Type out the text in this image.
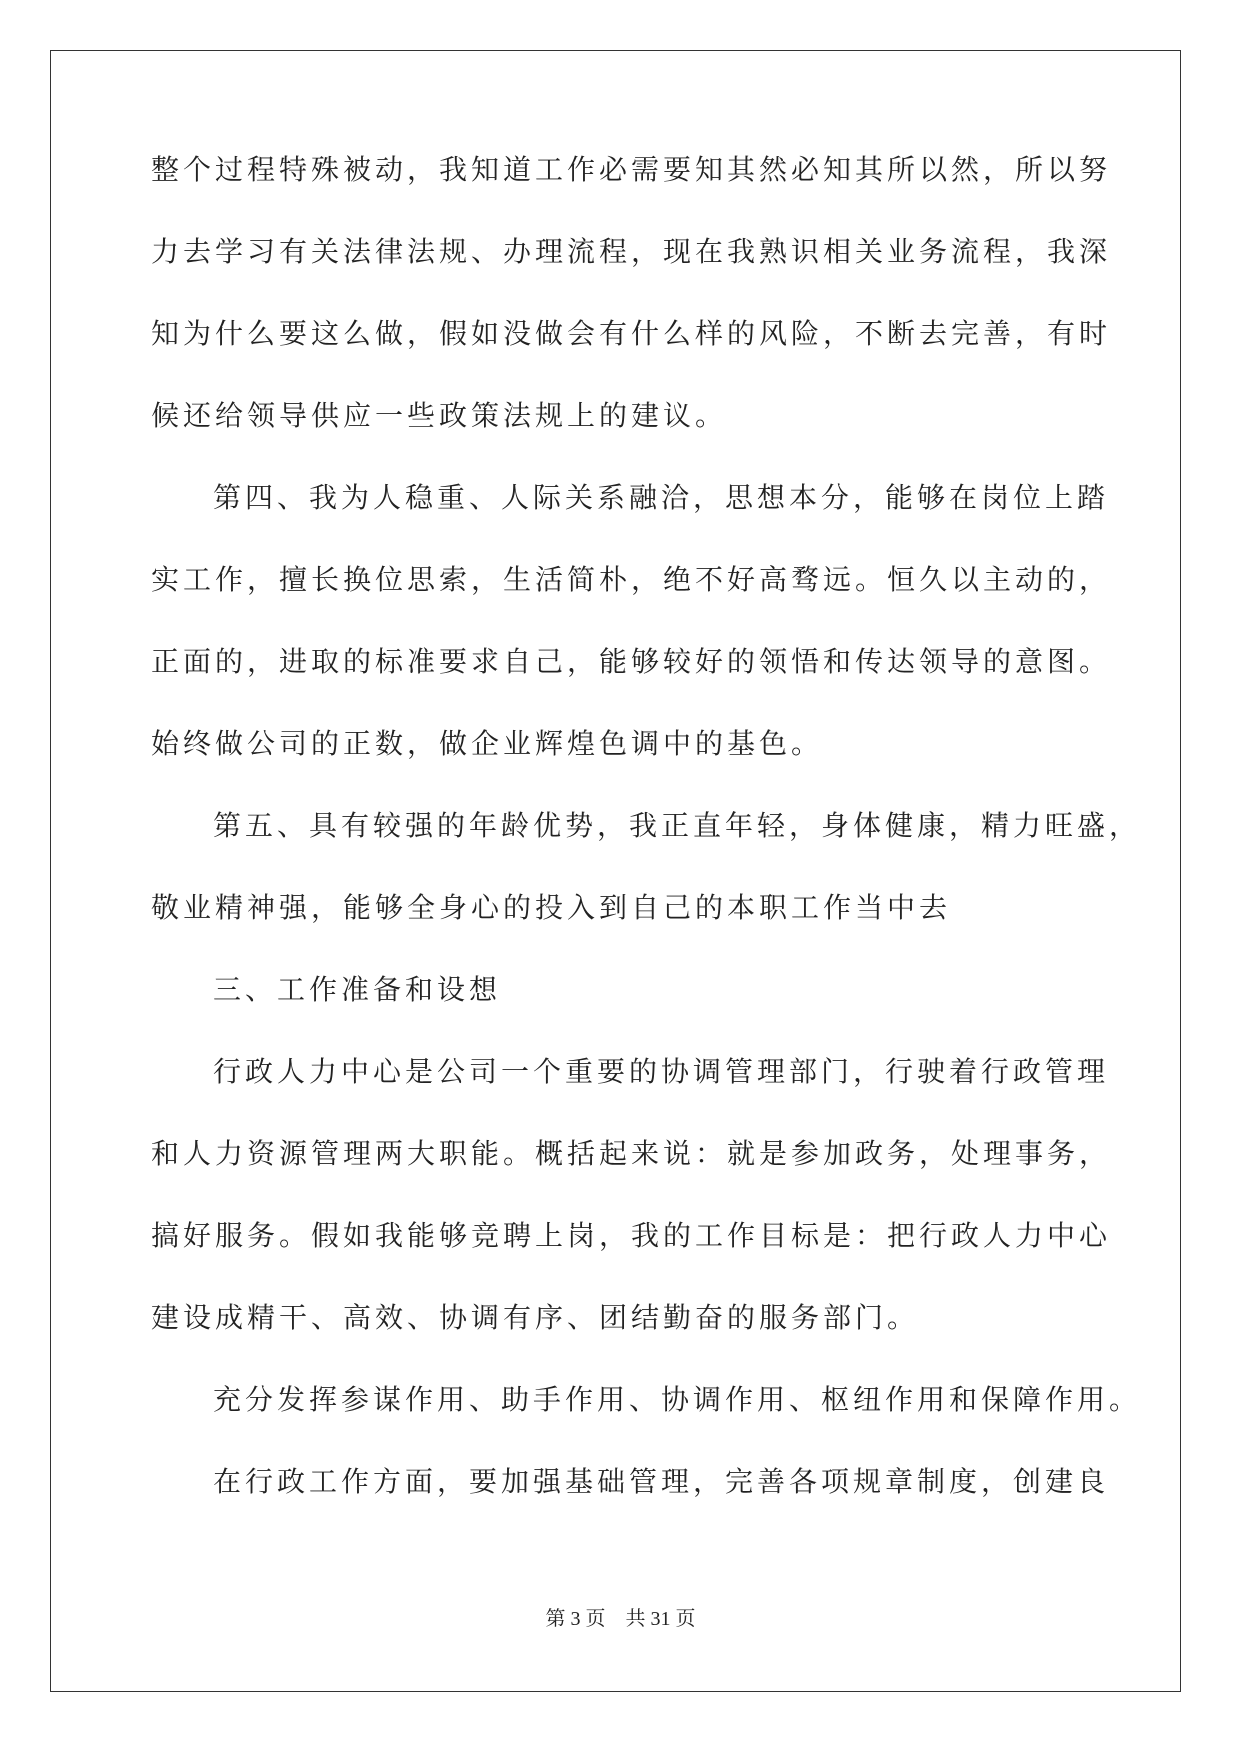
整个过程特殊被动，我知道工作必需要知其然必知其所以然，所以努

力去学习有关法律法规、办理流程，现在我熟识相关业务流程，我深

知为什么要这么做，假如没做会有什么样的风险，不断去完善，有时

候还给领导供应一些政策法规上的建议。

第四、我为人稳重、人际关系融洽，思想本分，能够在岗位上踏

实工作，擅长换位思索，生活简朴，绝不好高骛远。恒久以主动的，

正面的，进取的标准要求自己，能够较好的领悟和传达领导的意图。

始终做公司的正数，做企业辉煌色调中的基色。

第五、具有较强的年龄优势，我正直年轻，身体健康，精力旺盛，

敬业精神强，能够全身心的投入到自己的本职工作当中去

三、工作准备和设想

行政人力中心是公司一个重要的协调管理部门，行驶着行政管理

和人力资源管理两大职能。概括起来说：就是参加政务，处理事务，

搞好服务。假如我能够竞聘上岗，我的工作目标是：把行政人力中心

建设成精干、高效、协调有序、团结勤奋的服务部门。

充分发挥参谋作用、助手作用、协调作用、枢纽作用和保障作用。

在行政工作方面，要加强基础管理，完善各项规章制度，创建良

第 3 页 共 31 页
